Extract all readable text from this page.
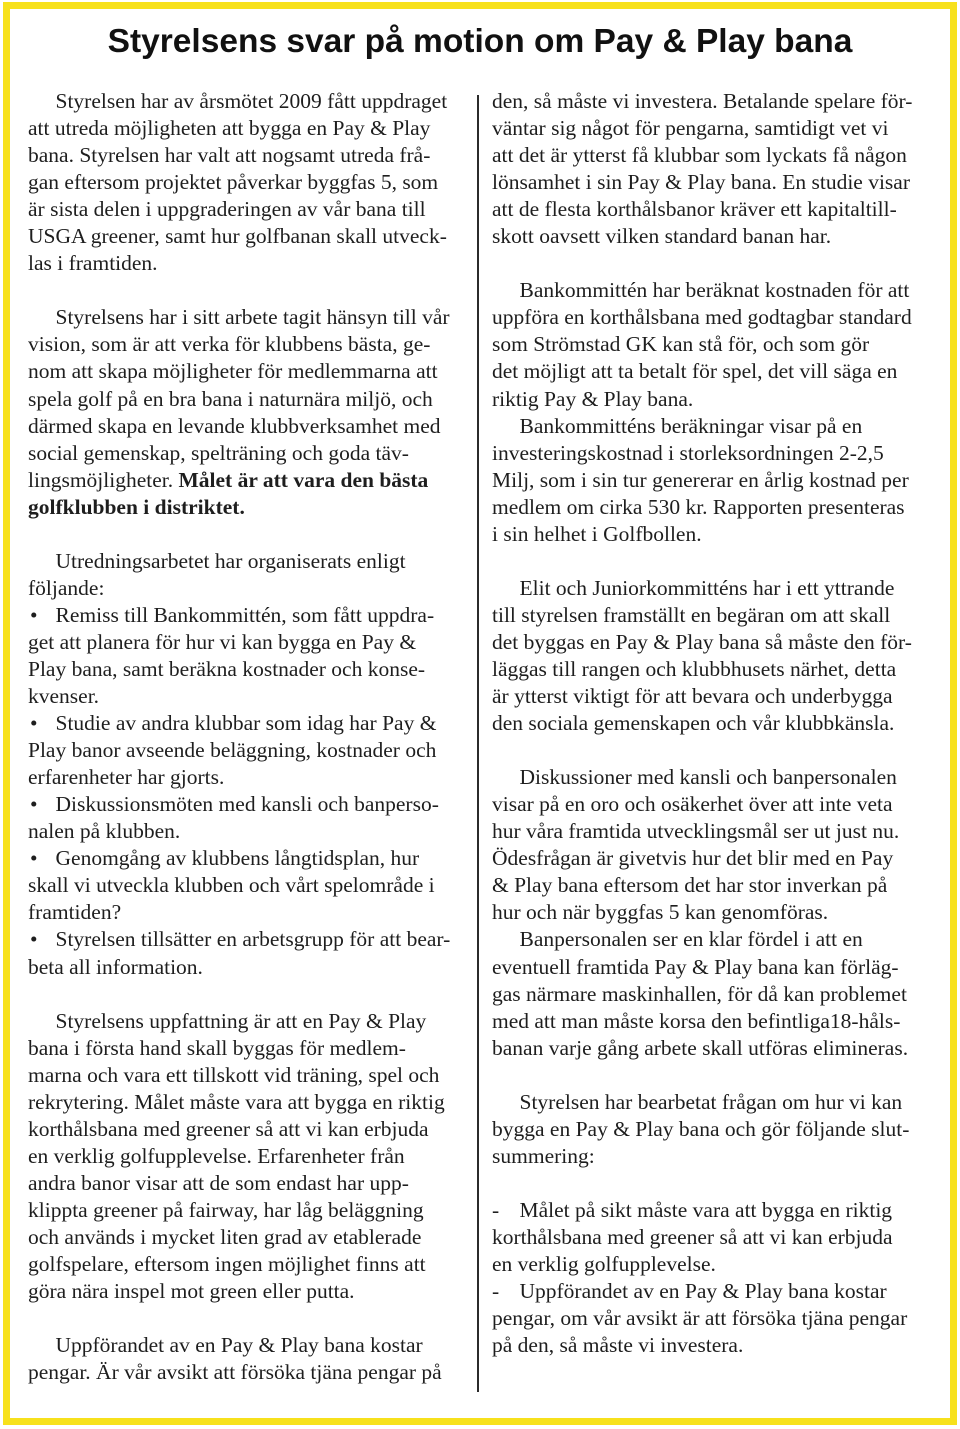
Styrelsens svar på motion om Pay & Play bana
Styrelsen har av årsmötet 2009 fått uppdraget
att utreda möjligheten att bygga en Pay & Play
bana. Styrelsen har valt att nogsamt utreda frå-
gan eftersom projektet påverkar byggfas 5, som
är sista delen i uppgraderingen av vår bana till
USGA greener, samt hur golfbanan skall utveck-
las i framtiden.
Styrelsens har i sitt arbete tagit hänsyn till vår
vision, som är att verka för klubbens bästa, ge-
nom att skapa möjligheter för medlemmarna att
spela golf på en bra bana i naturnära miljö, och
därmed skapa en levande klubbverksamhet med
social gemenskap, spelträning och goda täv-
lingsmöjligheter. Målet är att vara den bästa
golfklubben i distriktet.
Utredningsarbetet har organiserats enligt
följande:
• Remiss till Bankommittén, som fått uppdra-
get att planera för hur vi kan bygga en Pay &
Play bana, samt beräkna kostnader och konse-
kvenser.
• Studie av andra klubbar som idag har Pay &
Play banor avseende beläggning, kostnader och
erfarenheter har gjorts.
• Diskussionsmöten med kansli och banperso-
nalen på klubben.
• Genomgång av klubbens långtidsplan, hur
skall vi utveckla klubben och vårt spelområde i
framtiden?
• Styrelsen tillsätter en arbetsgrupp för att bear-
beta all information.
Styrelsens uppfattning är att en Pay & Play
bana i första hand skall byggas för medlem-
marna och vara ett tillskott vid träning, spel och
rekrytering. Målet måste vara att bygga en riktig
korthålsbana med greener så att vi kan erbjuda
en verklig golfupplevelse. Erfarenheter från
andra banor visar att de som endast har upp-
klippta greener på fairway, har låg beläggning
och används i mycket liten grad av etablerade
golfspelare, eftersom ingen möjlighet finns att
göra nära inspel mot green eller putta.
Uppförandet av en Pay & Play bana kostar
pengar. Är vår avsikt att försöka tjäna pengar på
den, så måste vi investera. Betalande spelare för-
väntar sig något för pengarna, samtidigt vet vi
att det är ytterst få klubbar som lyckats få någon
lönsamhet i sin Pay & Play bana. En studie visar
att de flesta korthålsbanor kräver ett kapitaltill-
skott oavsett vilken standard banan har.
Bankommittén har beräknat kostnaden för att
uppföra en korthålsbana med godtagbar standard
som Strömstad GK kan stå för, och som gör
det möjligt att ta betalt för spel, det vill säga en
riktig Pay & Play bana.
Bankommitténs beräkningar visar på en
investeringskostnad i storleksordningen 2-2,5
Milj, som i sin tur genererar en årlig kostnad per
medlem om cirka 530 kr. Rapporten presenteras
i sin helhet i Golfbollen.
Elit och Juniorkommitténs har i ett yttrande
till styrelsen framställt en begäran om att skall
det byggas en Pay & Play bana så måste den för-
läggas till rangen och klubbhusets närhet, detta
är ytterst viktigt för att bevara och underbygga
den sociala gemenskapen och vår klubbkänsla.
Diskussioner med kansli och banpersonalen
visar på en oro och osäkerhet över att inte veta
hur våra framtida utvecklingsmål ser ut just nu.
Ödesfrågan är givetvis hur det blir med en Pay
& Play bana eftersom det har stor inverkan på
hur och när byggfas 5 kan genomföras.
Banpersonalen ser en klar fördel i att en
eventuell framtida Pay & Play bana kan förläg-
gas närmare maskinhallen, för då kan problemet
med att man måste korsa den befintliga18-håls-
banan varje gång arbete skall utföras elimineras.
Styrelsen har bearbetat frågan om hur vi kan
bygga en Pay & Play bana och gör följande slut-
summering:
- Målet på sikt måste vara att bygga en riktig
korthålsbana med greener så att vi kan erbjuda
en verklig golfupplevelse.
- Uppförandet av en Pay & Play bana kostar
pengar, om vår avsikt är att försöka tjäna pengar
på den, så måste vi investera.
